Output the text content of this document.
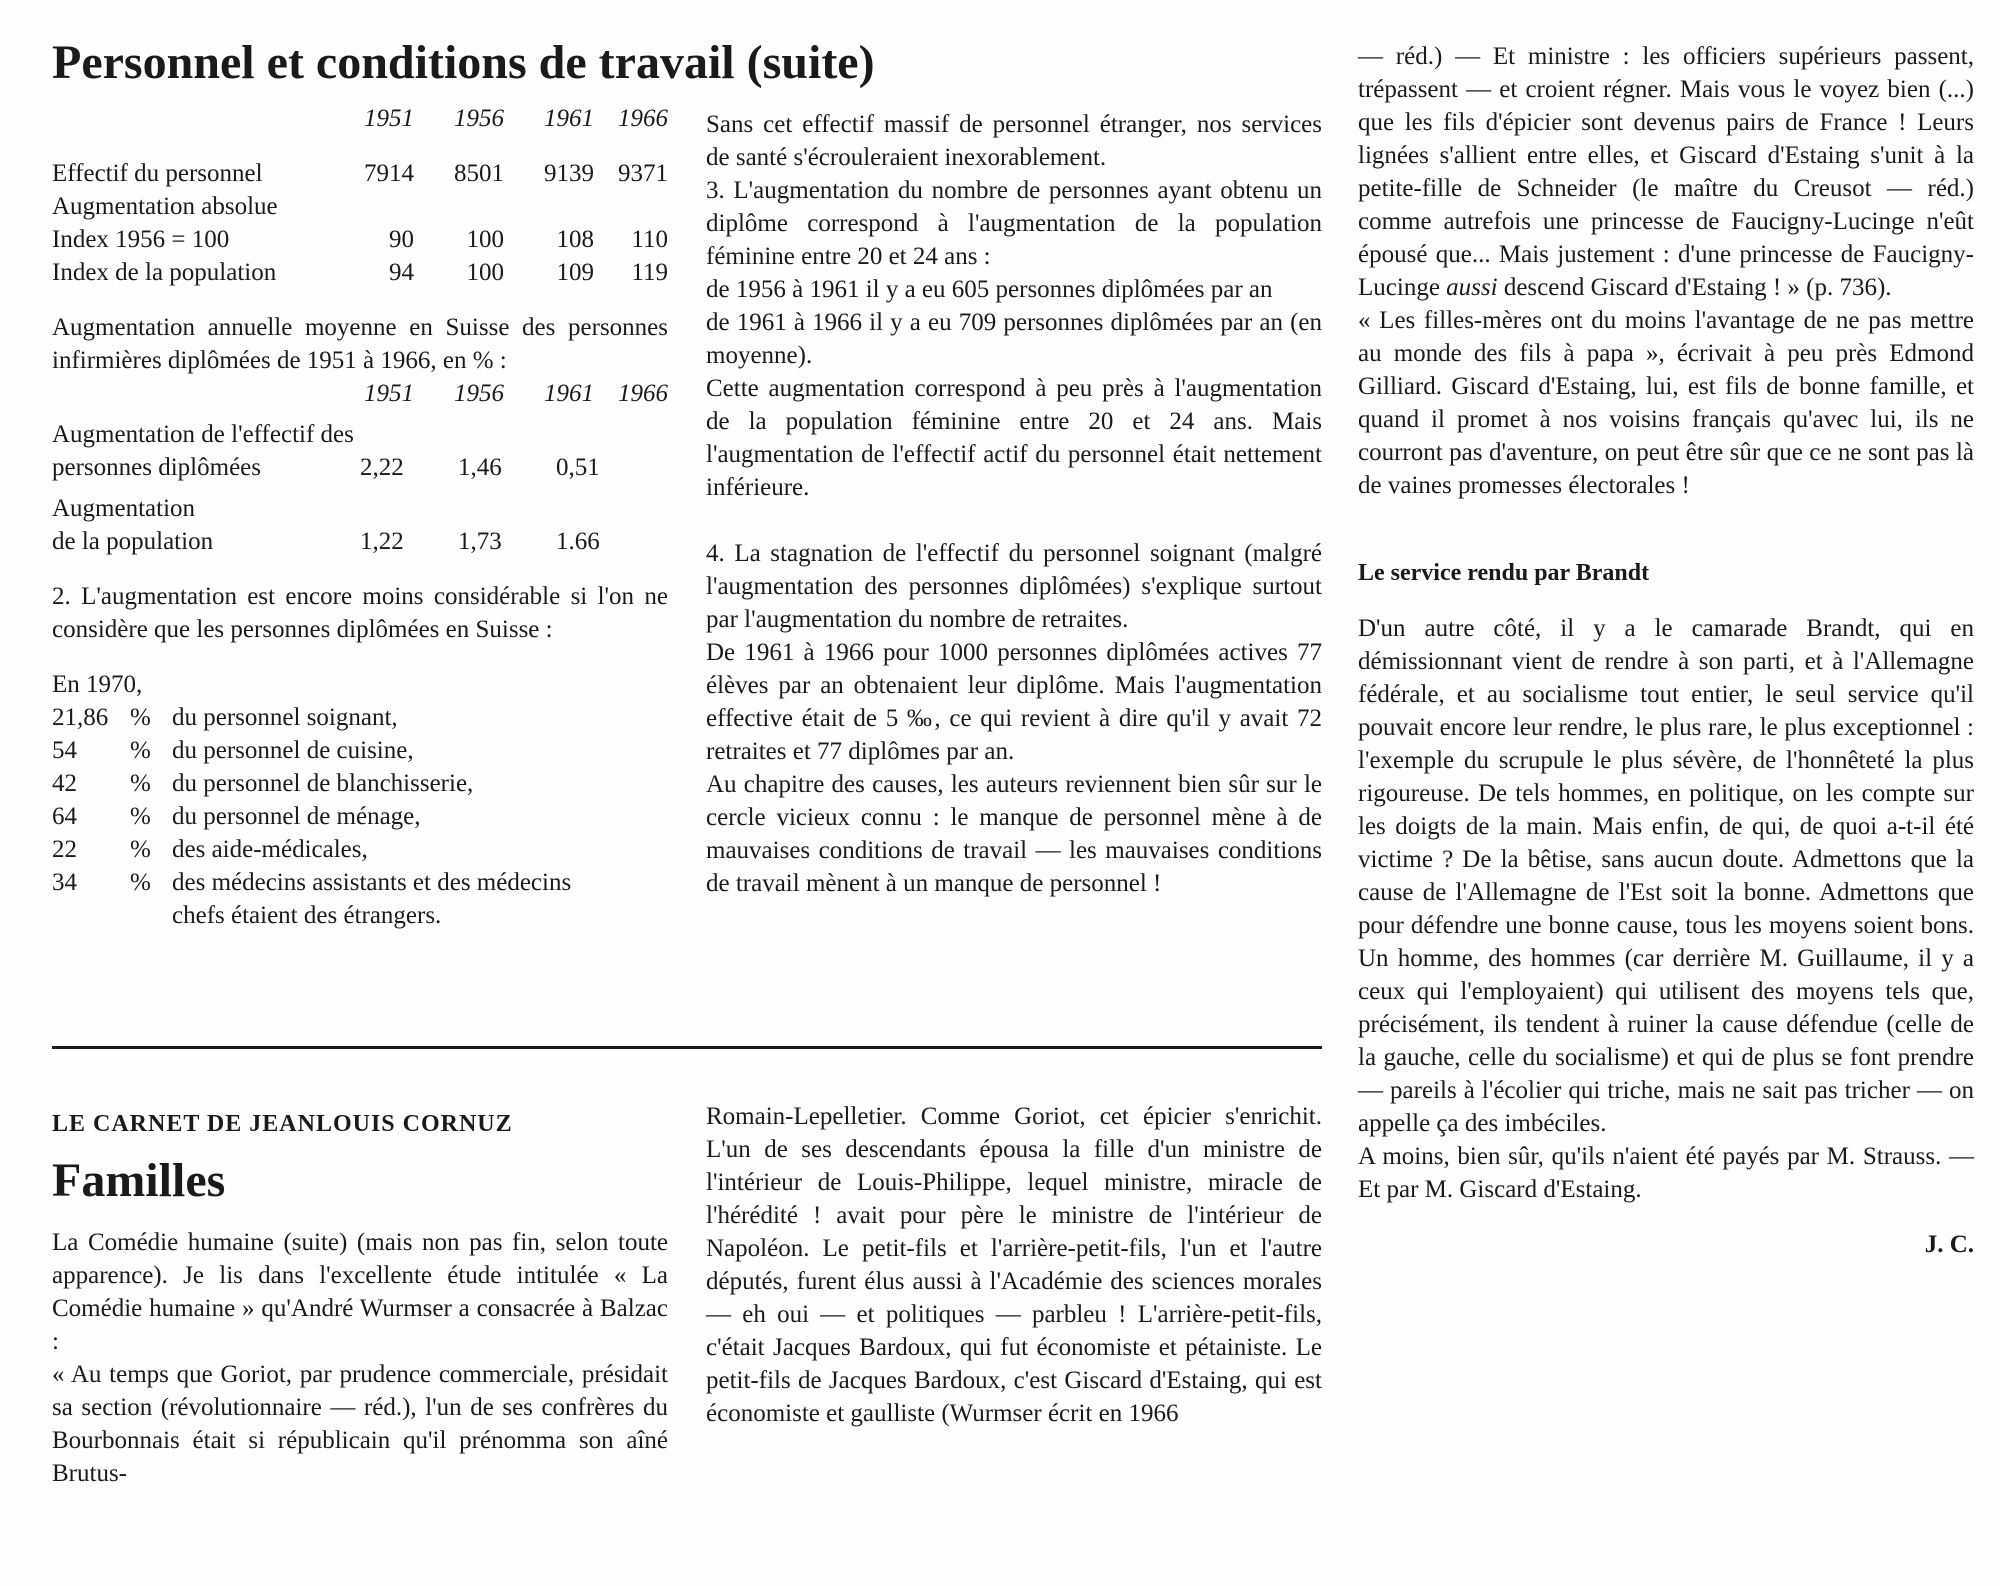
Personnel et conditions de travail (suite)
1951	1956	1961 1966
Effectif du personnel	7914	8501	9139 9371
Augmentation absolue
Index 1956 = 100	90	100	108	110
Index de la population	94	100	109	119

Augmentation annuelle moyenne en Suisse des personnes infirmières diplômées de 1951 à 1966, en % :

1951	1956	1961 1966
Augmentation de l'effectif des
personnes diplômées	2,22 1,46 0,51
Augmentation
de la population	1,22 1,73 1.66

2. L'augmentation est encore moins considérable si l'on ne considère que les personnes diplômées en Suisse :

En 1970,

21,86 % du personnel soignant,
54 % du personnel de cuisine,
42 % du personnel de blanchisserie,
64 % du personnel de ménage,
22 % des aide-médicales,
34 % des médecins assistants et des médecins
chefs étaient des étrangers.

Sans cet effectif massif de personnel étranger, nos services de santé s'écrouleraient inexorablement.

3. L'augmentation du nombre de personnes ayant obtenu un diplôme correspond à l'augmentation de la population féminine entre 20 et 24 ans :

de 1956 à 1961 il y a eu 605 personnes diplômées par an

de 1961 à 1966 il y a eu 709 personnes diplômées par an (en moyenne).

Cette augmentation correspond à peu près à l'augmentation de la population féminine entre 20 et 24 ans. Mais l'augmentation de l'effectif actif du personnel était nettement inférieure.

4. La stagnation de l'effectif du personnel soignant (malgré l'augmentation des personnes diplômées) s'explique surtout par l'augmentation du nombre de retraites.

De 1961 à 1966 pour 1000 personnes diplômées actives 77 élèves par an obtenaient leur diplôme. Mais l'augmentation effective était de 5 ‰, ce qui revient à dire qu'il y avait 72 retraites et 77 diplômes par an.

Au chapitre des causes, les auteurs reviennent bien sûr sur le cercle vicieux connu : le manque de personnel mène à de mauvaises conditions de travail — les mauvaises conditions de travail mènent à un manque de personnel !

LE CARNET DE JEANLOUIS CORNUZ
Familles

La Comédie humaine (suite) (mais non pas fin, selon toute apparence). Je lis dans l'excellente étude intitulée « La Comédie humaine » qu'André Wurmser a consacrée à Balzac :

« Au temps que Goriot, par prudence commerciale, présidait sa section (révolutionnaire — réd.), l'un de ses confrères du Bourbonnais était si républicain qu'il prénomma son aîné Brutus-

Romain-Lepelletier. Comme Goriot, cet épicier s'enrichit. L'un de ses descendants épousa la fille d'un ministre de l'intérieur de Louis-Philippe, lequel ministre, miracle de l'hérédité ! avait pour père le ministre de l'intérieur de Napoléon. Le petit-fils et l'arrière-petit-fils, l'un et l'autre députés, furent élus aussi à l'Académie des sciences morales — eh oui — et politiques — parbleu ! L'arrière-petit-fils, c'était Jacques Bardoux, qui fut économiste et pétainiste. Le petit-fils de Jacques Bardoux, c'est Giscard d'Estaing, qui est économiste et gaulliste (Wurmser écrit en 1966

— réd.) — Et ministre : les officiers supérieurs passent, trépassent — et croient régner. Mais vous le voyez bien (...) que les fils d'épicier sont devenus pairs de France ! Leurs lignées s'allient entre elles, et Giscard d'Estaing s'unit à la petite-fille de Schneider (le maître du Creusot — réd.) comme autrefois une princesse de Faucigny-Lucinge n'eût épousé que... Mais justement : d'une princesse de Faucigny-Lucinge aussi descend Giscard d'Estaing ! » (p. 736).

« Les filles-mères ont du moins l'avantage de ne pas mettre au monde des fils à papa », écrivait à peu près Edmond Gilliard. Giscard d'Estaing, lui, est fils de bonne famille, et quand il promet à nos voisins français qu'avec lui, ils ne courront pas d'aventure, on peut être sûr que ce ne sont pas là de vaines promesses électorales !

Le service rendu par Brandt

D'un autre côté, il y a le camarade Brandt, qui en démissionnant vient de rendre à son parti, et à l'Allemagne fédérale, et au socialisme tout entier, le seul service qu'il pouvait encore leur rendre, le plus rare, le plus exceptionnel : l'exemple du scrupule le plus sévère, de l'honnêteté la plus rigoureuse. De tels hommes, en politique, on les compte sur les doigts de la main. Mais enfin, de qui, de quoi a-t-il été victime ? De la bêtise, sans aucun doute. Admettons que la cause de l'Allemagne de l'Est soit la bonne. Admettons que pour défendre une bonne cause, tous les moyens soient bons. Un homme, des hommes (car derrière M. Guillaume, il y a ceux qui l'employaient) qui utilisent des moyens tels que, précisément, ils tendent à ruiner la cause défendue (celle de la gauche, celle du socialisme) et qui de plus se font prendre — pareils à l'écolier qui triche, mais ne sait pas tricher — on appelle ça des imbéciles.

A moins, bien sûr, qu'ils n'aient été payés par M. Strauss. — Et par M. Giscard d'Estaing.

J. C.
